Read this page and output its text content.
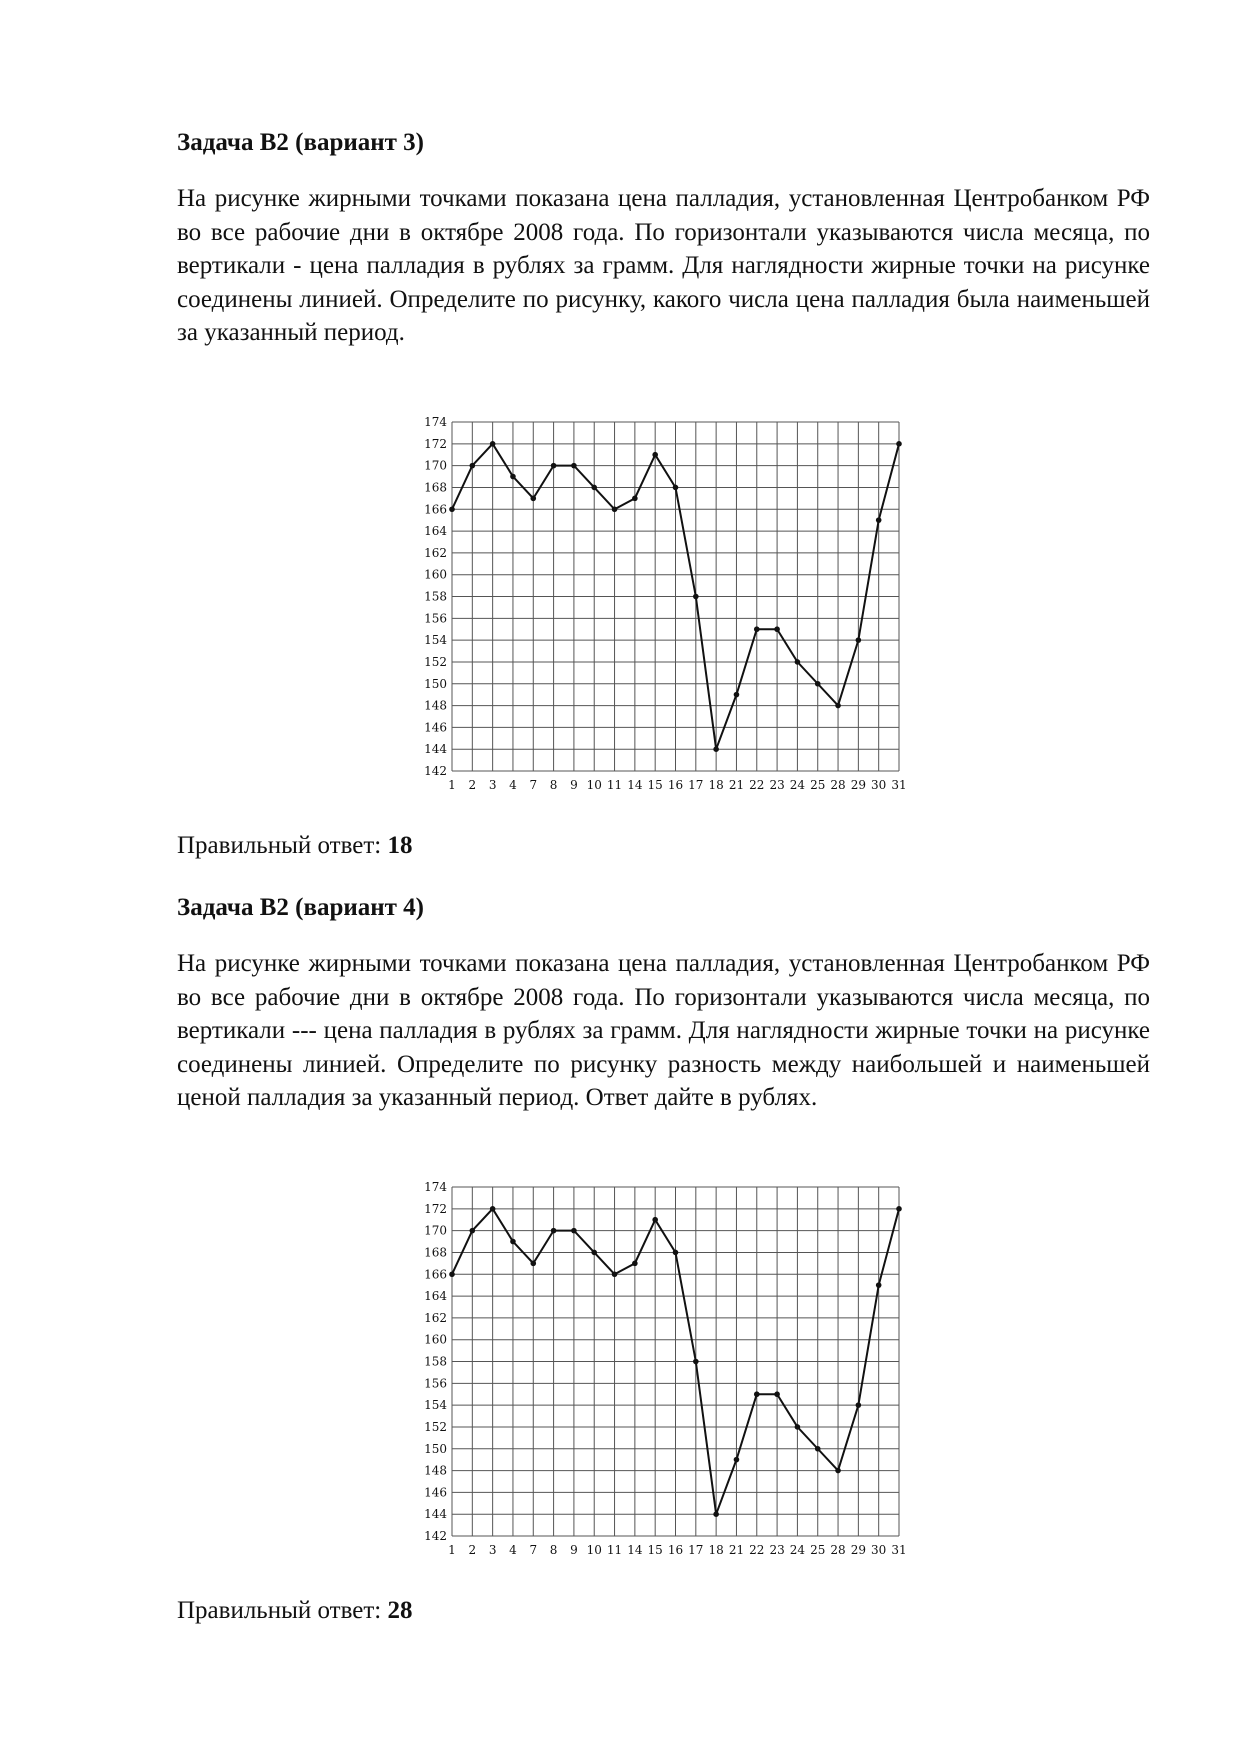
Задача B2 (вариант 3)

На рисунке жирными точками показана цена палладия, установленная Центробанком РФ во все рабочие дни в октябре 2008 года. По горизонтали указываются числа месяца, по вертикали - цена палладия в рублях за грамм. Для наглядности жирные точки на рисунке соединены линией. Определите по рисунку, какого числа цена палладия была наименьшей за указанный период.

142
144
146
148
150
152
154
156
158
160
162
164
166
168
170
172
174
1 2 3 4 7 8 9 10 11 14 15 16 17 18 21 22 23 24 25 28 29 30 31
Правильный ответ: 18

Задача B2 (вариант 4)

На рисунке жирными точками показана цена палладия, установленная Центробанком РФ во все рабочие дни в октябре 2008 года. По горизонтали указываются числа месяца, по вертикали --- цена палладия в рублях за грамм. Для наглядности жирные точки на рисунке соединены линией. Определите по рисунку разность между наибольшей и наименьшей ценой палладия за указанный период. Ответ дайте в рублях.

142
144
146
148
150
152
154
156
158
160
162
164
166
168
170
172
174
1 2 3 4 7 8 9 10 11 14 15 16 17 18 21 22 23 24 25 28 29 30 31
Правильный ответ: 28
